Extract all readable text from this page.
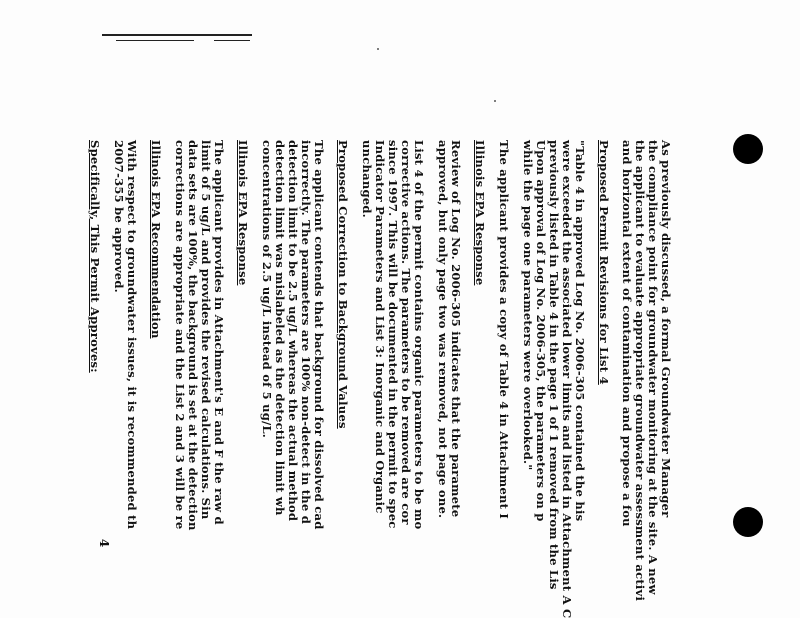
As previously discussed, a formal Groundwater Manager
the compliance point for groundwater monitoring at the site. A new
the applicant to evaluate appropriate groundwater assessment activi
and horizontal extent of contamination and propose a fou
Proposed Permit Revisions for List 4
"Table 4 in approved Log No. 2006-305 contained the his
were exceeded the associated lower limits and listed in Attachment A C
previously listed in Table 4 in the page 1 of 1 removed from the Lis
Upon approval of Log No. 2006-305, the parameters on p
while the page one parameters were overlooked."
The applicant provides a copy of Table 4 in Attachment I
Illinois EPA Response
Review of Log No. 2006-305 indicates that the paramete
approved, but only page two was removed, not page one.
List 4 of the permit contains organic parameters to be mo
corrective actions. The parameters to be removed are cor
since 1997. This will be documented in the permit to spec
Indicator Parameters and List 3: Inorganic and Organic
unchanged.
Proposed Correction to Background Values
The applicant contends that background for dissolved cad
incorrectly. The parameters are 100% non-detect in the d
detection limit to be 2.5 ug/L whereas the actual method
detection limit was mislabeled as the detection limit wh
concentrations of 2.5 ug/L instead of 5 ug/L.
Illinois EPA Response
The applicant provides in Attachment's E and F the raw d
limit of 5 ug/L and provides the revised calculations. Sin
data sets are 100%, the background is set at the detection
corrections are appropriate and the List 2 and 3 will be re
Illinois EPA Recommendation
With respect to groundwater issues, it is recommended th
2007-355 be approved.
Specifically, This Permit Approves:
4
